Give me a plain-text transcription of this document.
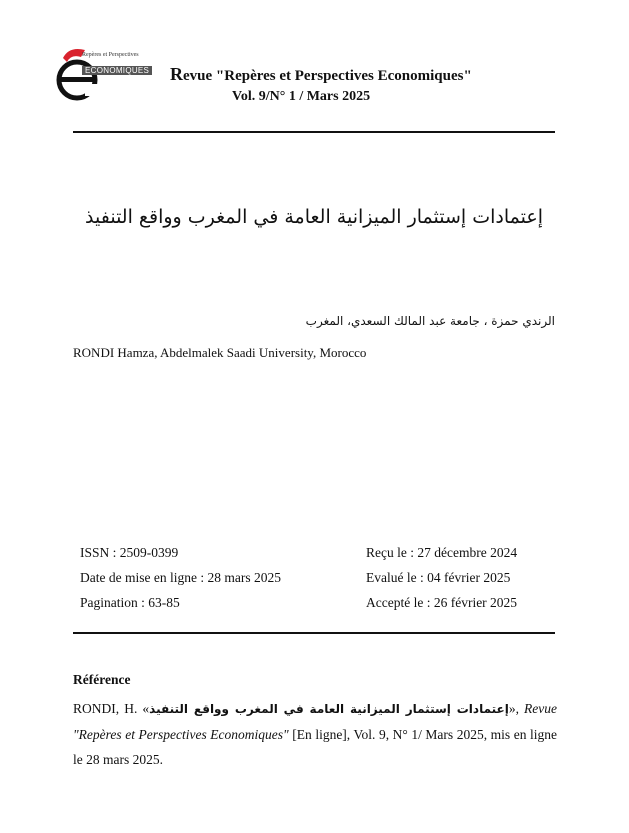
Repères et Perspectives
ECONOMIQUES Revue "Repères et Perspectives Economiques"
Vol. 9/N° 1 / Mars 2025
إعتمادات إستثمار الميزانية العامة في المغرب وواقع التنفيذ
الرندي حمزة ، جامعة عبد المالك السعدي، المغرب
RONDI Hamza, Abdelmalek Saadi University, Morocco
ISSN : 2509-0399
Date de mise en ligne : 28 mars 2025
Pagination : 63-85
Reçu le : 27 décembre 2024
Evalué le : 04 février 2025
Accepté le : 26 février 2025
Référence
RONDI, H. «إعتمادات إستثمار الميزانية العامة في المغرب وواقع التنفيذ», Revue "Repères et Perspectives Economiques" [En ligne], Vol. 9, N° 1/ Mars 2025, mis en ligne le 28 mars 2025.
